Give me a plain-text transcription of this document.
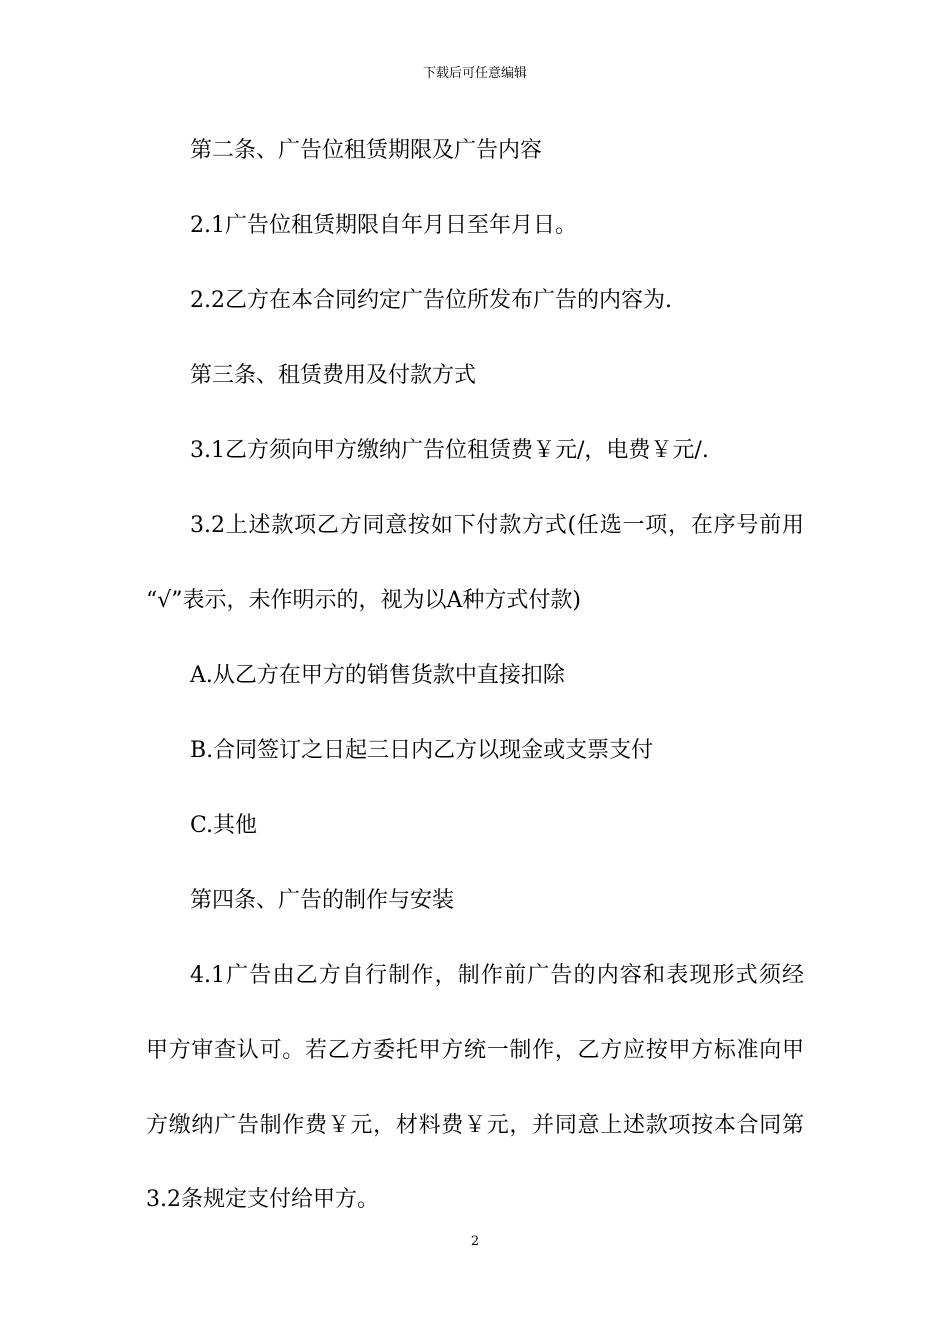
下载后可任意编辑
第二条、广告位租赁期限及广告内容
2.1广告位租赁期限自年月日至年月日。
2.2乙方在本合同约定广告位所发布广告的内容为.
第三条、租赁费用及付款方式
3.1乙方须向甲方缴纳广告位租赁费￥元/，电费￥元/.
3.2上述款项乙方同意按如下付款方式(任选一项，在序号前用
“√”表示，未作明示的，视为以A种方式付款)
A.从乙方在甲方的销售货款中直接扣除
B.合同签订之日起三日内乙方以现金或支票支付
C.其他
第四条、广告的制作与安装
4.1广告由乙方自行制作，制作前广告的内容和表现形式须经
甲方审查认可。若乙方委托甲方统一制作，乙方应按甲方标准向甲
方缴纳广告制作费￥元，材料费￥元，并同意上述款项按本合同第
3.2条规定支付给甲方。
2
